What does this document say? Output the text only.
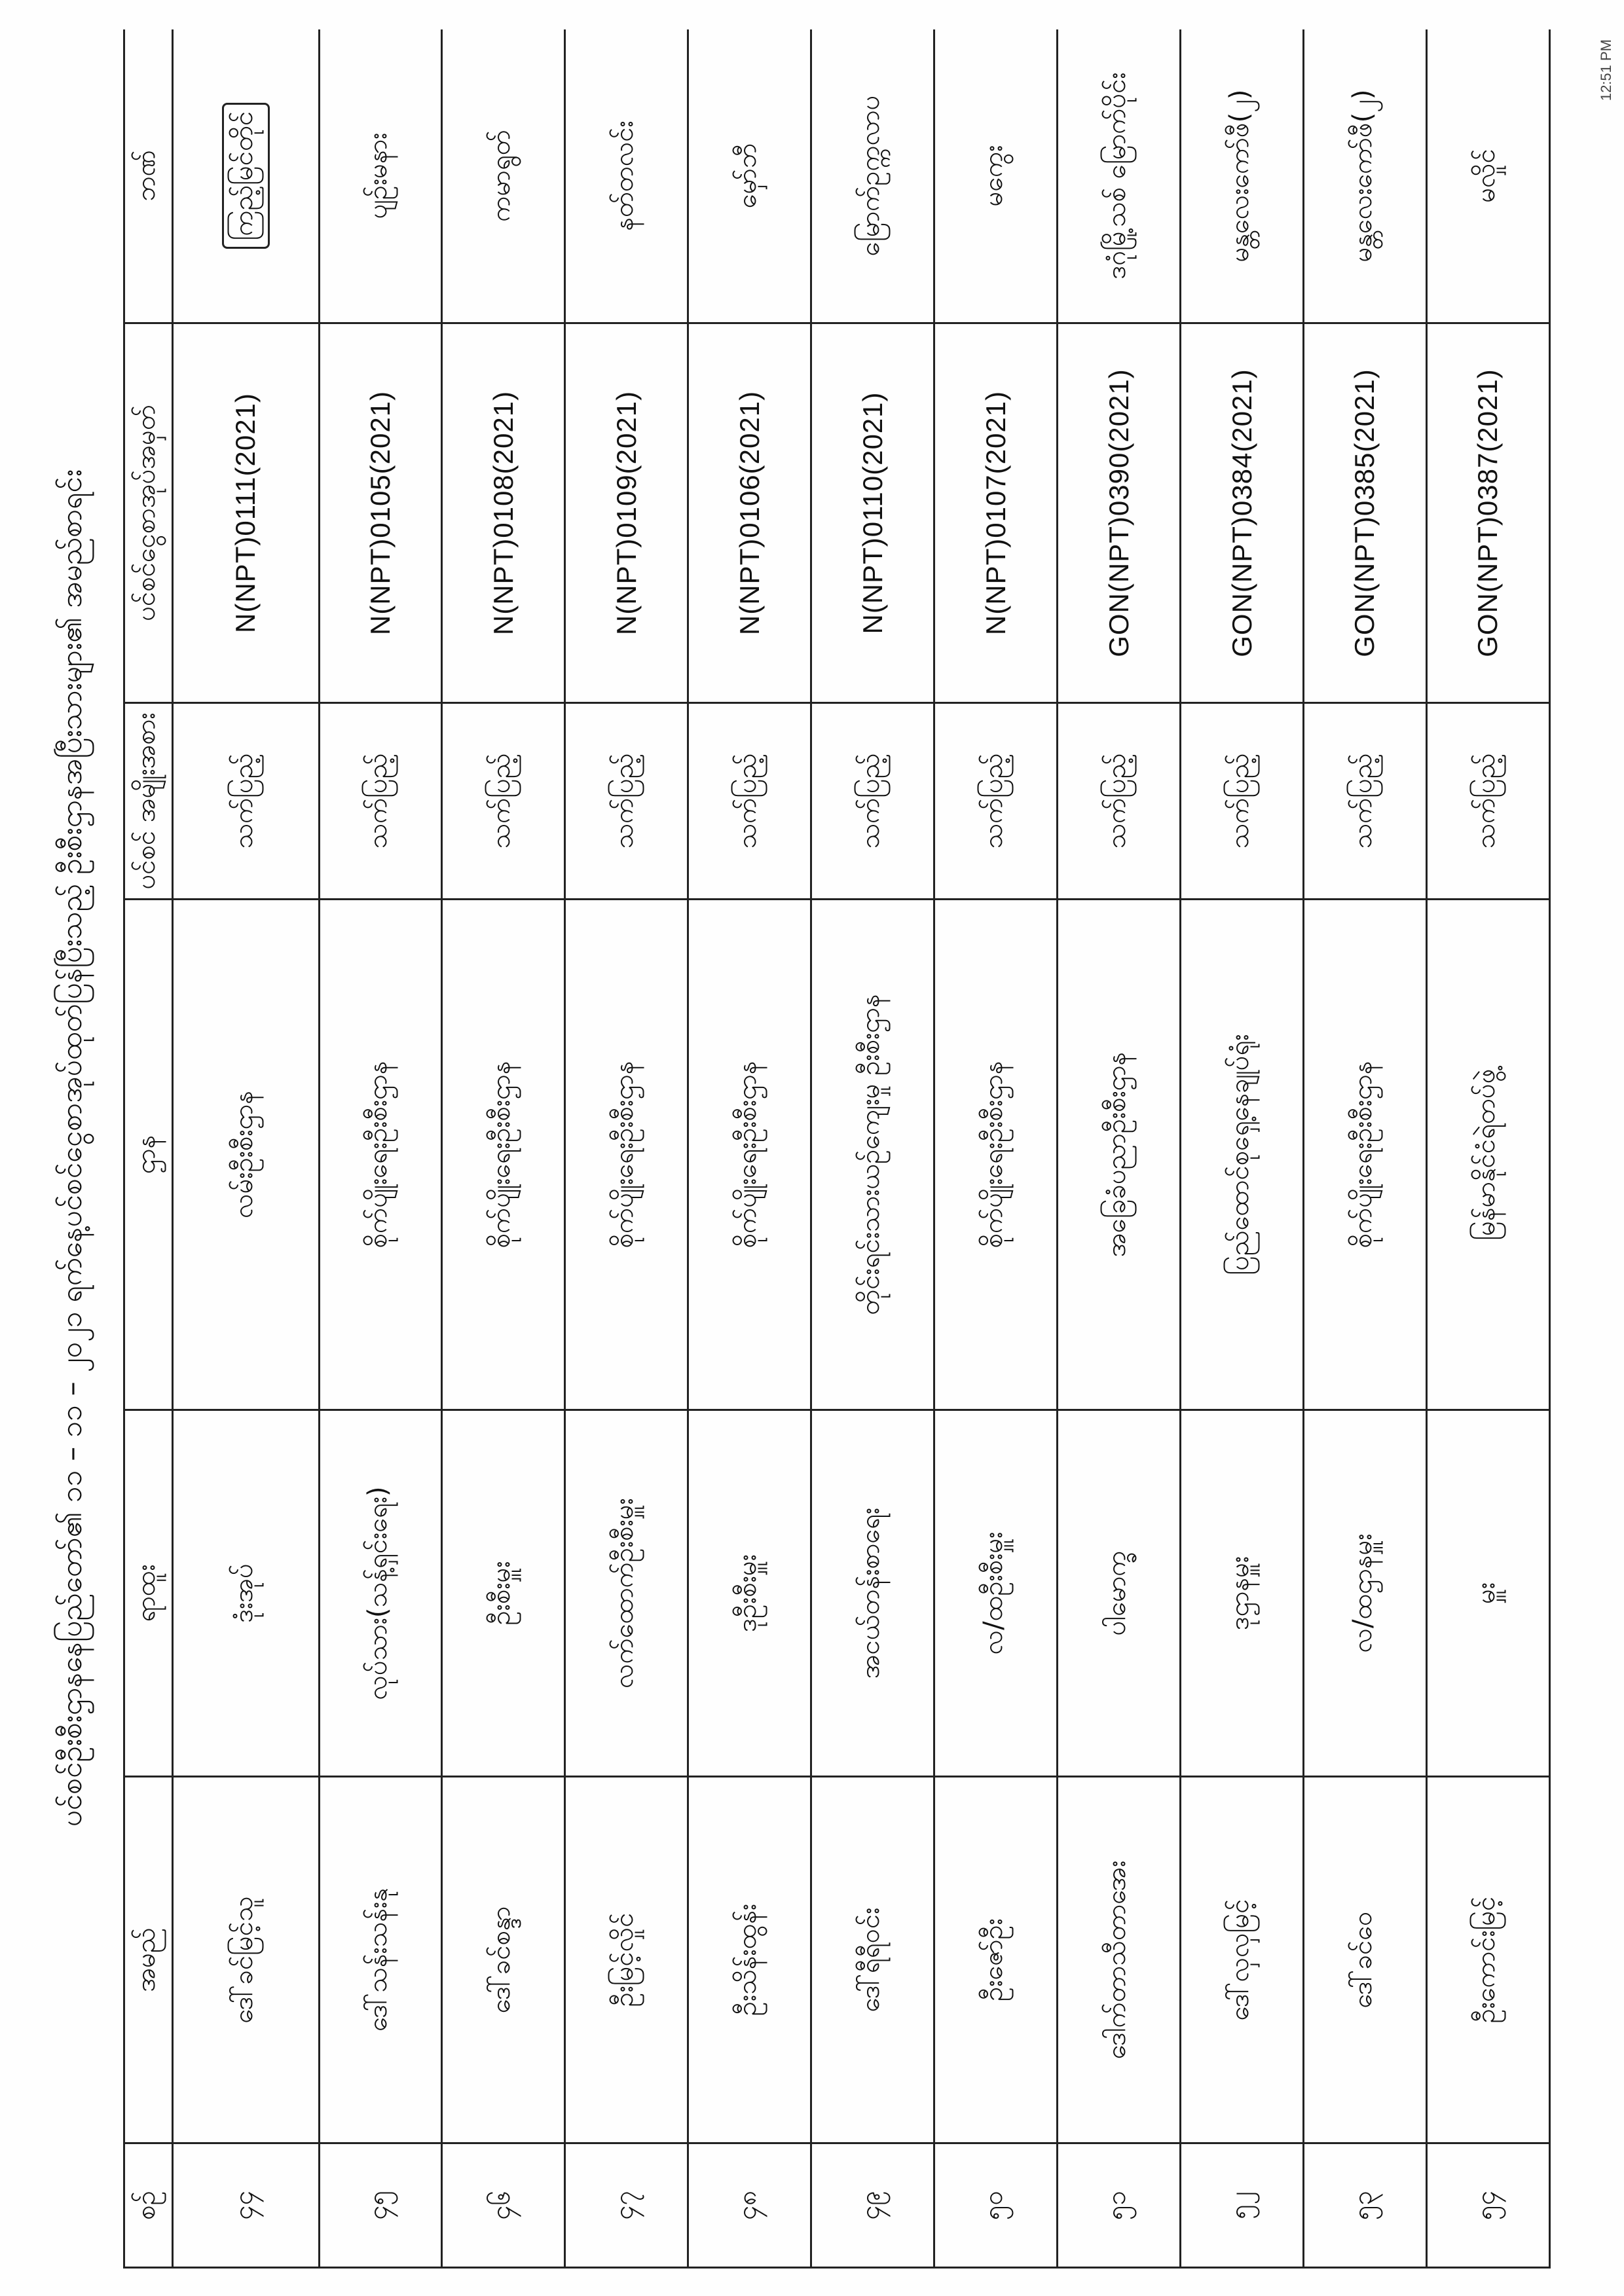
12:51 PM
ပင်စင်ဦးစီးဌာနနေပြည်တော်၏ ၁၁ – ၁၁ – ၂၀၂၁ ရက်နေ့ပင်စင်ငွေစာအုပ်ထုတ်ပြန်ပြီးသည့် ဦးစီးဌာနအပြီးသားများ၏ အမည်စာရင်း
စဉ်	အမည်	ရာထူး	ဌာန	ပင်စင် အမျိုးအစား	ပင်စင်ငွေစာအုပ်အမှတ်	ဘဏ်
၄၄	ဒေါ်ခင်မြင့်သူ	ဒုံးအုပ်	လမ်းဦးစီးဌာန	သက်ပြည့်	N(NPT)0111(2021)	ကြည့်မြင်တိုင်
၄၅	ဒေါ်သန်းသန်းနု	လုပ်သား(သန့်ရှင်းရေး)	စိုက်ပျိုးရေးဦးစီးဌာန	သက်ပြည့်	N(NPT)0105(2021)	ပျဉ်းမနား
၄၆	ဒေါ်ခင်စန္ဒာ	ဦးစီးမှူး	စိုက်ပျိုးရေးဦးစီးဌာန	သက်ပြည့်	N(NPT)0108(2021)	ကမာရွတ်
၄၇	ဦးမြင့်လှိုင်	လက်ထောက်ဦးစီးမှူး	စိုက်ပျိုးရေးဦးစီးဌာန	သက်ပြည့်	N(NPT)0109(2021)	နတ်တလင်း
၄၈	ဦးသိန်းထွန်း	ဒုဦးစီးမှူး	စိုက်ပျိုးရေးဦးစီးဌာန	သက်ပြည့်	N(NPT)0106(2021)	မှော်ဘီ
၄၉	ဒေါ်ရီရီဝင်း	အငယ်တန်းစာရေး	တိုင်းရင်းသားယဉ်ကျေးမှု ဦးစီးဌာန	သက်ပြည့်	N(NPT)0110(2021)	မြောက်ဥက္ကလာပ
၅၀	ဦးဇော်ဦး	လ/ထဦးစီးမှူး	စိုက်ပျိုးရေးဦးစီးဌာန	သက်ပြည့်	N(NPT)0107(2021)	မကွေး
၅၁	ဒေါက်တာသီတာအေး	ပါမောက္ခ	အခြေခံပညာဦးစီးဌာန	သက်ပြည့်	GON(NPT)0390(2021)	ဒဂုံမြို့သစ် မြောက်ပိုင်း
၅၂	ဒေါ်လှလှမြင့်	ဒုဌာနမှူး	ပြည်ထောင်စုရှေ့နေချုပ်ရုံး	သက်ပြည့်	GON(NPT)0384(2021)	မန္တလေးကော်ဖီ(၂)
၅၃	ဒေါ်ခင်ဝေ	လ/ထဌာနမှူး	စိုက်ပျိုးရေးဦးစီးဌာန	သက်ပြည့်	GON(NPT)0385(2021)	မန္တလေးကော်ဖီ(၂)
၅၄	ဦးကောင်းမြင့်	မှူး	မြန်မာနိုင်ငံရဲတပ်ဖွဲ့	သက်ပြည့်	GON(NPT)0387(2021)	မလှိုင်
